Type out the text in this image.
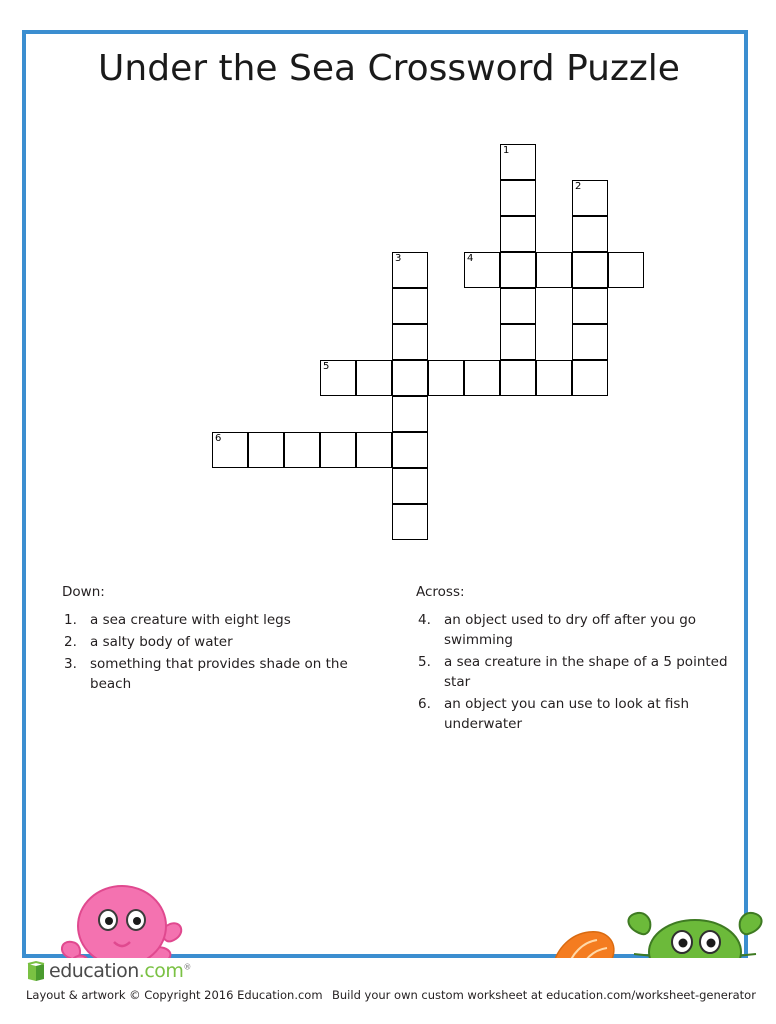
Under the Sea Crossword Puzzle
1
2
3	4
5
6
Down:
1. a sea creature with eight legs
2. a salty body of water
3. something that provides shade on the beach
Across:
4. an object used to dry off after you go swimming
5. a sea creature in the shape of a 5 pointed star
6. an object you can use to look at fish underwater
education.com®
Layout & artwork © Copyright 2016 Education.com Build your own custom worksheet at education.com/worksheet-generator
